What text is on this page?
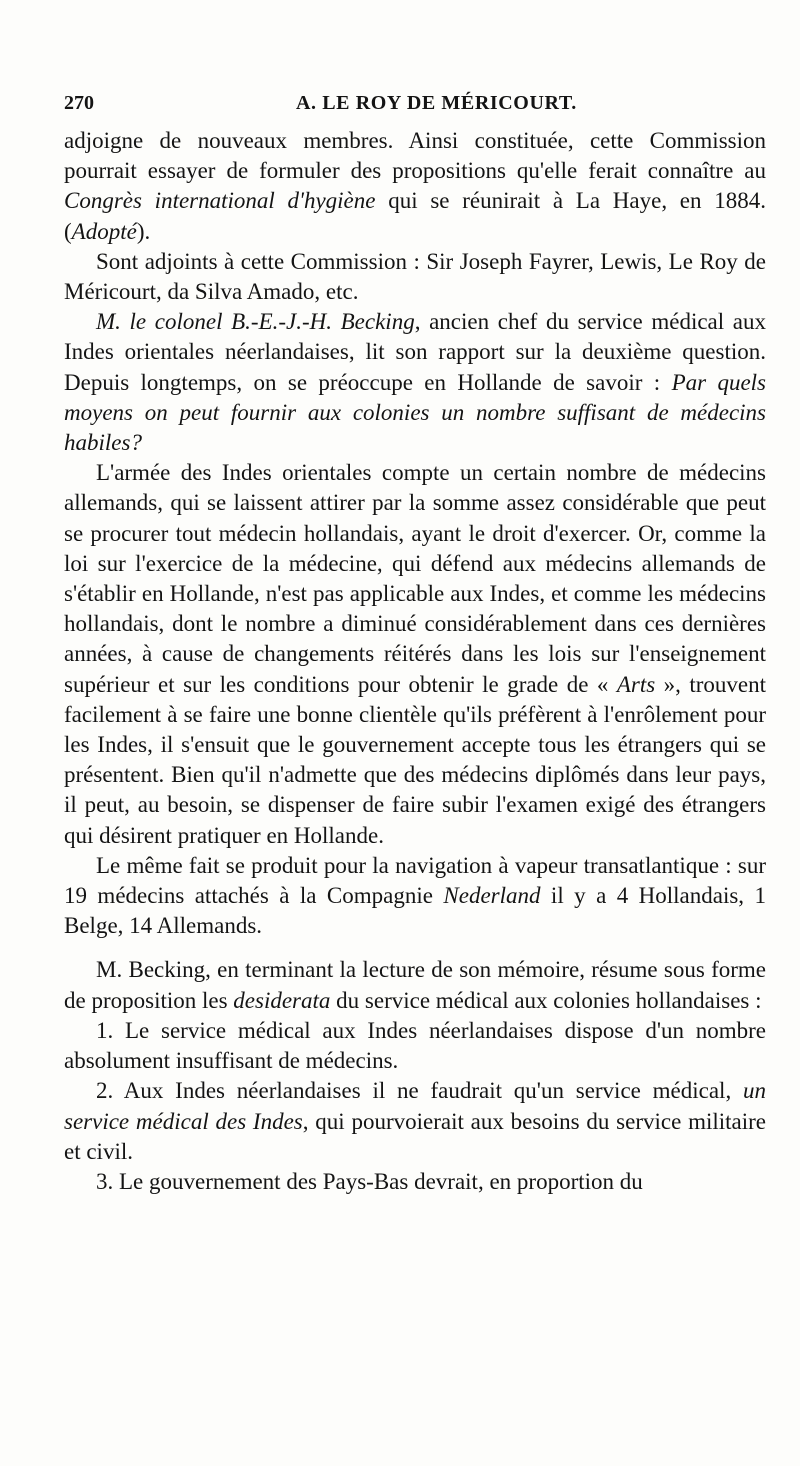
270	A. LE ROY DE MÉRICOURT.

adjoigne de nouveaux membres. Ainsi constituée, cette Commission pourrait essayer de formuler des propositions qu'elle ferait connaître au Congrès international d'hygiène qui se réunirait à La Haye, en 1884. (Adopté).

Sont adjoints à cette Commission : Sir Joseph Fayrer, Lewis, Le Roy de Méricourt, da Silva Amado, etc.

M. le colonel B.-E.-J.-H. Becking, ancien chef du service médical aux Indes orientales néerlandaises, lit son rapport sur la deuxième question. Depuis longtemps, on se préoccupe en Hollande de savoir : Par quels moyens on peut fournir aux colonies un nombre suffisant de médecins habiles?

L'armée des Indes orientales compte un certain nombre de médecins allemands, qui se laissent attirer par la somme assez considérable que peut se procurer tout médecin hollandais, ayant le droit d'exercer. Or, comme la loi sur l'exercice de la médecine, qui défend aux médecins allemands de s'établir en Hollande, n'est pas applicable aux Indes, et comme les médecins hollandais, dont le nombre a diminué considérablement dans ces dernières années, à cause de changements réitérés dans les lois sur l'enseignement supérieur et sur les conditions pour obtenir le grade de « Arts », trouvent facilement à se faire une bonne clientèle qu'ils préfèrent à l'enrôlement pour les Indes, il s'ensuit que le gouvernement accepte tous les étrangers qui se présentent. Bien qu'il n'admette que des médecins diplômés dans leur pays, il peut, au besoin, se dispenser de faire subir l'examen exigé des étrangers qui désirent pratiquer en Hollande.

Le même fait se produit pour la navigation à vapeur transatlantique : sur 19 médecins attachés à la Compagnie Nederland il y a 4 Hollandais, 1 Belge, 14 Allemands.

M. Becking, en terminant la lecture de son mémoire, résume sous forme de proposition les desiderata du service médical aux colonies hollandaises :

1. Le service médical aux Indes néerlandaises dispose d'un nombre absolument insuffisant de médecins.

2. Aux Indes néerlandaises il ne faudrait qu'un service médical, un service médical des Indes, qui pourvoierait aux besoins du service militaire et civil.

3. Le gouvernement des Pays-Bas devrait, en proportion du
